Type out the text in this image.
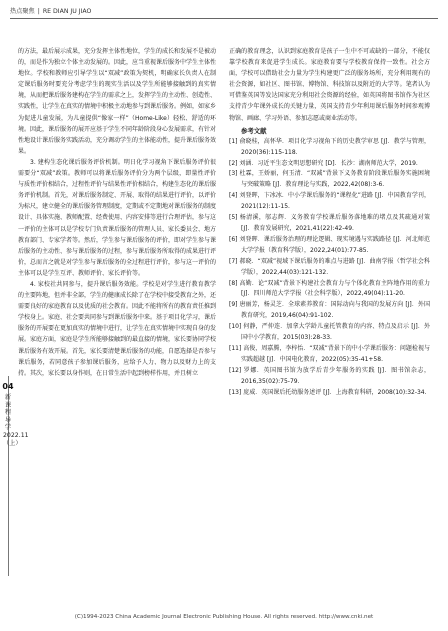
热点聚焦 | RE DIAN JU JIAO
04
新课程导学 2022.11（上）

的方法，最后展示成果，充分发挥主体性地位，学生的成长和发展不是被动的，而是作为独立个体主动发展的。因此，应当重视课后服务中学生主体性地位。学校和教师应引导学生以“双减”政策为契机，明确家长负责人在制定课后服务时要充分考虑学生的现实生活以及学生所能够接触到的真实情境，从而把课后服务建构在学生的需求之上，发挥学生的主动性、创造性、实践性，让学生在真实的情境中积极主动地参与到课后服务。例如，如家乡为促进儿童发展，为儿童提供“像家一样”（Home-Like）轻松、舒适的环境。因此，课后服务的展开应基于学生不同年龄阶段身心发展需求，有针对性地设计课后服务实践活动，充分调动学生的主体能动性，提升课后服务效果。

3. 建构生态化课后服务评价机制。明日化学习视角下课后服务评价很需要分“双减”政策。教师可以将课后服务评价分为两个层级，即量性评价与质性评价相结合，过程性评价与结果性评价相结合，构建生态化的课后服务评价机制。首先，对课后服务制定、开展、取得的结果进行评价，以评价为标尺，建立健全的课后服务管理制度，定期或不定期地对课后服务的制度设计、具体实施、教师配置、经费使用、内容安排等进行合理评估，参与这一评价的主体可以是学校专门负责课后服务的管理人员、家长委员会、地方教育部门、专家学者等。然后，学生参与课后服务的评价，即对学生参与课后服务的主动性、参与课后服务的过程，参与课后服务所取得的成果进行评价，总而言之就是对学生参与课后服务的全过程进行评价，参与这一评价的主体可以是学生互评、教师评价、家长评价等。

4. 家校社共同参与，提升课后服务效能。学校是对学生进行教育教学的主要阵地，但并非全部，学生的健康成长除了在学校中接受教育之外，还需要良好的家庭教育以及优质的社会教育。因此不能将所有的教育责任推到学校身上。家庭、社会要共同参与到课后服务中来。基于项目化学习，课后服务的开展要在更加真实的情境中进行，让学生在真实情境中实现自身的发展。家庭方面，家庭是学生所能够接触到的最直接的情境，家长要协同学校课后服务有效开展。首先，家长要清楚课后服务的功能，自愿选择是否参与课后服务，若同意孩子参加课后服务，应给予人力、物力以及财力上的支持。其次，家长要以身作则，在日常生活中起到榜样作用，并且树立

正确的教育理念，认识到家庭教育是孩子一生中不可或缺的一部分，不能仅靠学校教育来促进学生成长。家庭教育要与学校教育保持一致性。社会方面，学校可以借助社会力量为学生构建更广泛的服务场所，充分利用现有的社会资源，如社区、图书馆、博物馆、科技馆以及附近的大学等。笔者认为可借鉴英国等发达国家充分利用社会资源的经验，如英国将图书馆作为社区支持青少年课外成长的关键力量，英国支持青少年利用课后服务时间参观博物馆、画廊、学习外语、参加志愿或商业活动等。

参考文献
[1] 俞晓桂，高怀华．项目化学习视角下的历史教学审思 [J]．教学与管理，2020(36):115-118.
[2] 刘涵．习近平生态文明思想研究 [D]．长沙：湖南师范大学，2019.
[3] 杜霖，王娇丽，何玉清．“双减”背景下义务教育阶段课后服务实施困境与突破策略 [J]．教育理论与实践，2022,42(08):3-6.
[4] 刘登晖，卞冰冰．中小学课后服务的“课程化”进路 [J]．中国教育学刊，2021(12):11-15.
[5] 杨清溪，邬志辉．义务教育学校课后服务落地难的堵点及其疏通对策 [J]．教育发展研究，2021,41(22):42-49.
[6] 刘登晖．课后服务治理的理论逻辑、现实境遇与实践路径 [J]．河北师范大学学报（教育科学版），2022,24(01):77-85.
[7] 郝晓．“双减”视域下课后服务的难点与进路 [J]．曲南学报（哲学社会科学版），2022,44(03):121-132.
[8] 高勤．论“双减”背景下构建社会教育力与个体化教育主阵地作用的重力 [J]．四川师范大学学报（社会科学版），2022,49(04):11-20.
[9] 唐丽芳，杨灵芝．全球素养教育：国际动向与我国的发展方向 [J]．外国教育研究，2019,46(04):91-102.
[10] 何静，严仲连．加拿大学龄儿童托管教育的内容、特点及启示 [J]．外国中小学教育，2015(03):28-33.
[11] 高俊，周嘉腾，李梓怡．“双减”背景下的中小学课后服务：问题检视与实践超越 [J]．中国电化教育，2022(05):35-41+58.
[12] 罗娜．英国图书馆为放学后青少年服务的实践 [J]．图书馆杂志，2016,35(02):75-79.
[13] 庞威．英国课后托幼服务述评 [J]．上海教育科研，2008(10):32-34.
(C)1994-2023 China Academic Journal Electronic Publishing House. All rights reserved. http://www.cnki.net
